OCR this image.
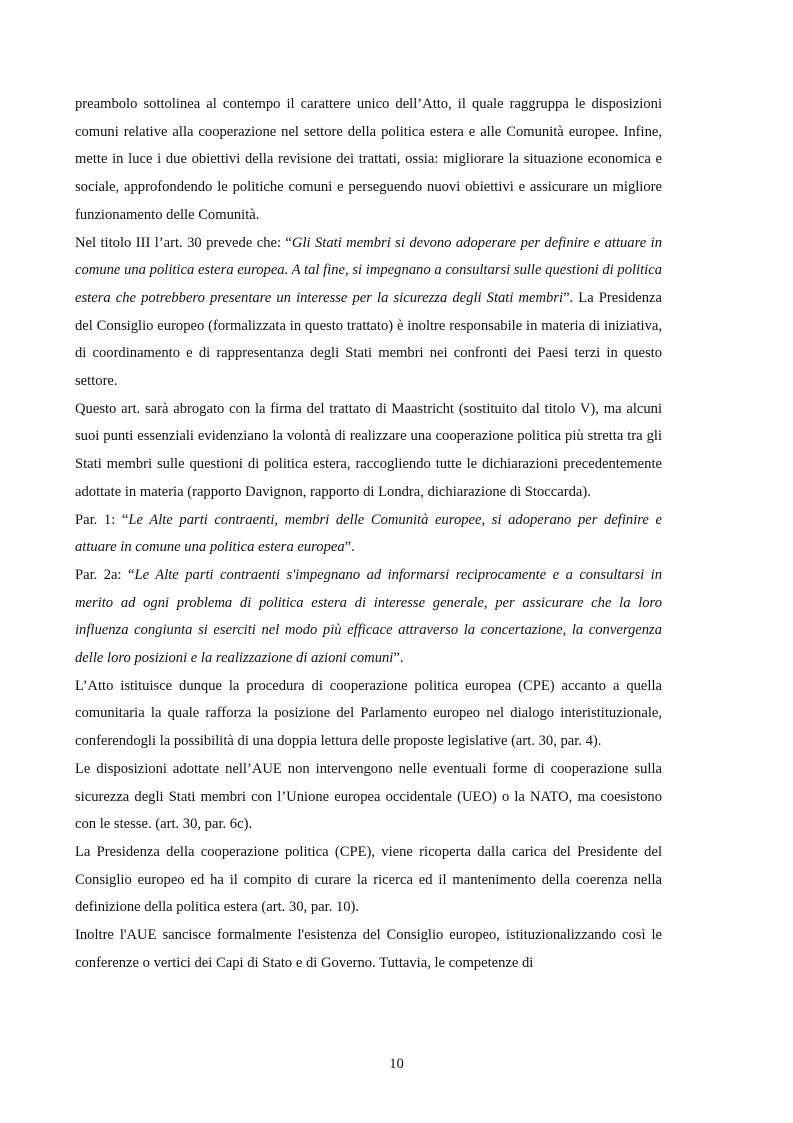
preambolo sottolinea al contempo il carattere unico dell’Atto, il quale raggruppa le disposizioni comuni relative alla cooperazione nel settore della politica estera e alle Comunità europee. Infine, mette in luce i due obiettivi della revisione dei trattati, ossia: migliorare la situazione economica e sociale, approfondendo le politiche comuni e perseguendo nuovi obiettivi e assicurare un migliore funzionamento delle Comunità.

Nel titolo III l’art. 30 prevede che: “Gli Stati membri si devono adoperare per definire e attuare in comune una politica estera europea. A tal fine, si impegnano a consultarsi sulle questioni di politica estera che potrebbero presentare un interesse per la sicurezza degli Stati membri”. La Presidenza del Consiglio europeo (formalizzata in questo trattato) è inoltre responsabile in materia di iniziativa, di coordinamento e di rappresentanza degli Stati membri nei confronti dei Paesi terzi in questo settore.

Questo art. sarà abrogato con la firma del trattato di Maastricht (sostituito dal titolo V), ma alcuni suoi punti essenziali evidenziano la volontà di realizzare una cooperazione politica più stretta tra gli Stati membri sulle questioni di politica estera, raccogliendo tutte le dichiarazioni precedentemente adottate in materia (rapporto Davignon, rapporto di Londra, dichiarazione di Stoccarda).

Par. 1: “Le Alte parti contraenti, membri delle Comunità europee, si adoperano per definire e attuare in comune una politica estera europea”.

Par. 2a: “Le Alte parti contraenti s'impegnano ad informarsi reciprocamente e a consultarsi in merito ad ogni problema di politica estera di interesse generale, per assicurare che la loro influenza congiunta si eserciti nel modo più efficace attraverso la concertazione, la convergenza delle loro posizioni e la realizzazione di azioni comuni”.

L’Atto istituisce dunque la procedura di cooperazione politica europea (CPE) accanto a quella comunitaria la quale rafforza la posizione del Parlamento europeo nel dialogo interistituzionale, conferendogli la possibilità di una doppia lettura delle proposte legislative (art. 30, par. 4).

Le disposizioni adottate nell’AUE non intervengono nelle eventuali forme di cooperazione sulla sicurezza degli Stati membri con l’Unione europea occidentale (UEO) o la NATO, ma coesistono con le stesse. (art. 30, par. 6c).

La Presidenza della cooperazione politica (CPE), viene ricoperta dalla carica del Presidente del Consiglio europeo ed ha il compito di curare la ricerca ed il mantenimento della coerenza nella definizione della politica estera (art. 30, par. 10).

Inoltre l'AUE sancisce formalmente l'esistenza del Consiglio europeo, istituzionalizzando così le conferenze o vertici dei Capi di Stato e di Governo. Tuttavia, le competenze di

10
